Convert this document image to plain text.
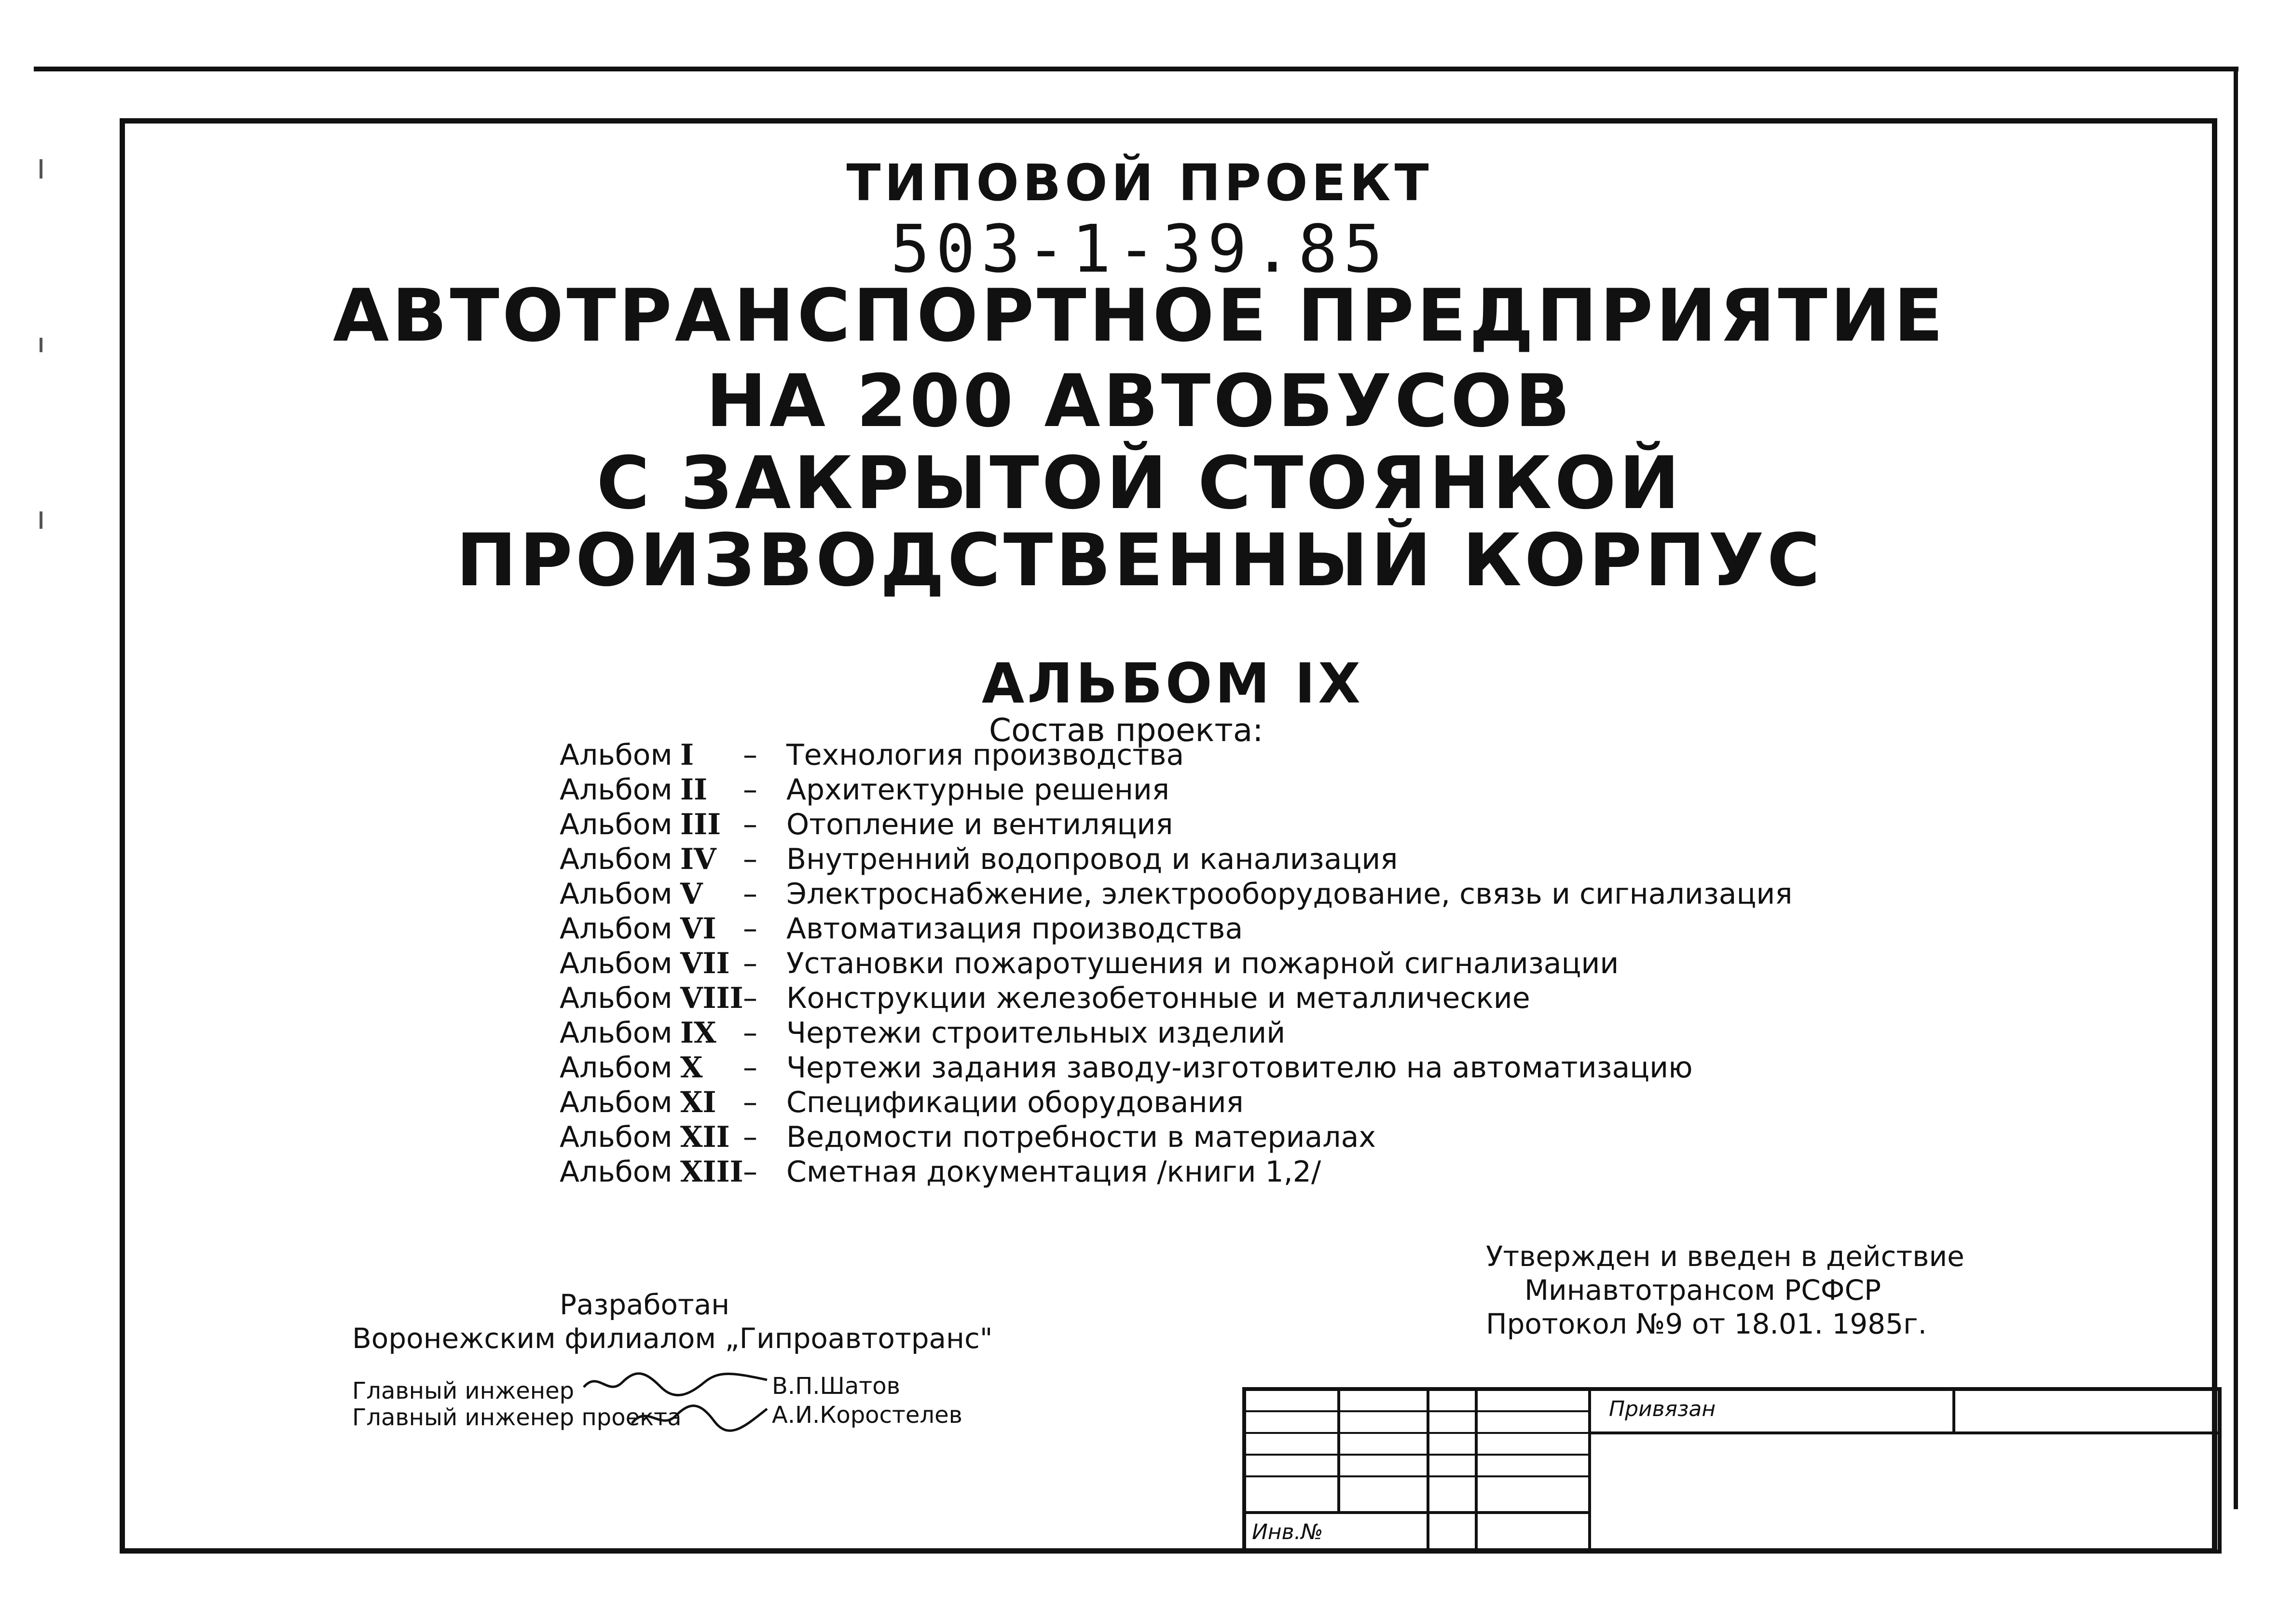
ТИПОВОЙ ПРОЕКТ
503-1-39.85
АВТОТРАНСПОРТНОЕ ПРЕДПРИЯТИЕ
НА 200 АВТОБУСОВ
С ЗАКРЫТОЙ СТОЯНКОЙ
ПРОИЗВОДСТВЕННЫЙ КОРПУС
АЛЬБОМ IX
Состав проекта:
Альбом I – Технология производства
Альбом II – Архитектурные решения
Альбом III – Отопление и вентиляция
Альбом IV – Внутренний водопровод и канализация
Альбом V – Электроснабжение, электрооборудование, связь и сигнализация
Альбом VI – Автоматизация производства
Альбом VII – Установки пожаротушения и пожарной сигнализации
Альбом VIII – Конструкции железобетонные и металлические
Альбом IX – Чертежи строительных изделий
Альбом X – Чертежи задания заводу-изготовителю на автоматизацию
Альбом XI – Спецификации оборудования
Альбом XII – Ведомости потребности в материалах
Альбом XIII – Сметная документация /книги 1,2/
Утвержден и введен в действие
Минавтотрансом РСФСР
Протокол №9 от 18.01. 1985г.
Разработан
Воронежским филиалом „Гипроавтотранс"
Главный инженер
Главный инженер проекта
В.П.Шатов
А.И.Коростелев	Привязан
Инв.№
